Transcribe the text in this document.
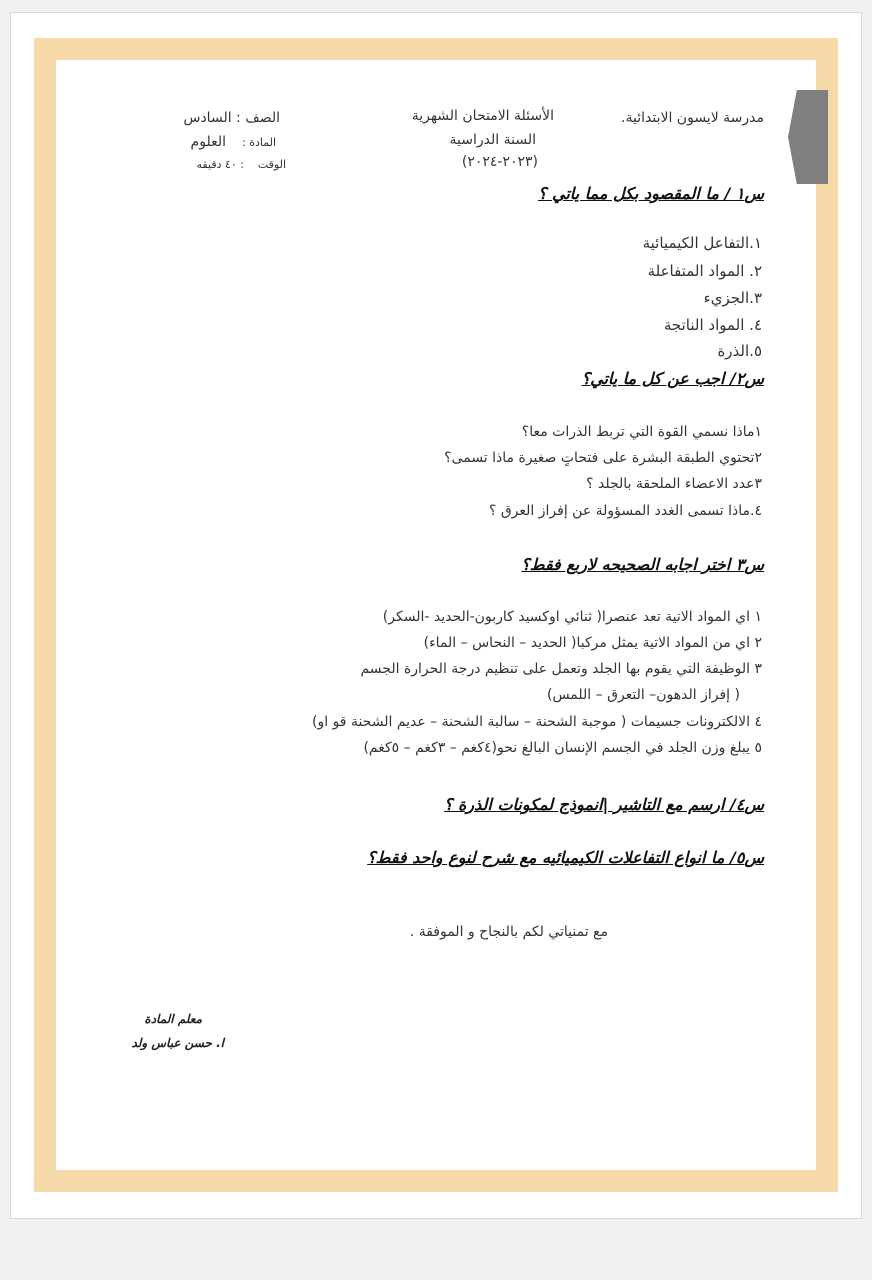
مدرسة لايسون الابتدائية.
الأسئلة الامتحان الشهرية
السنة الدراسية
(٢٠٢٣-٢٠٢٤)
الصف : السادس
المادة :
العلوم
الوقت
: ٤٠ دقيقه
س١ / ما المقصود بكل مما ياتي ؟
١.التفاعل الكيميائية
٢. المواد المتفاعلة
٣.الجزيء
٤. المواد الناتجة
٥.الذرة
س٢/ اجب عن كل ما ياتي؟
١ماذا نسمي القوة التي تربط الذرات معا؟
٢تحتوي الطبقة البشرة على فتحاتٍ صغيرة ماذا تسمى؟
٣عدد الاعضاء الملحقة بالجلد ؟
٤.ماذا تسمى الغدد المسؤولة عن إفراز العرق ؟
س٣ اختر اجابه الصحيحه لاربع فقط؟
١ اي المواد الاتية تعد عنصرا( ثنائي اوكسيد كاربون-الحديد -السكر)
٢ اي من المواد الاتية يمثل مركبا( الحديد – النحاس – الماء)
٣ الوظيفة التي يقوم بها الجلد وتعمل على تنظيم درجة الحرارة الجسم
( إفراز الدهون– التعرق – اللمس)
٤ الالكترونات جسيمات ( موجبة الشحنة – سالبة الشحنة – عديم الشحنة قو او)
٥ يبلغ وزن الجلد في الجسم الإنسان البالغ نحو(٤كغم – ٣كغم – ٥كغم)
س٤/ ارسم مع التاشير |انموذج لمكونات الذرة ؟
س٥/ ما انواع التفاعلات الكيميائيه مع شرح لنوع واحد فقط؟
مع تمنياتي لكم بالنجاح و الموفقة .
معلم المادة
ا. حسن عباس ولد
